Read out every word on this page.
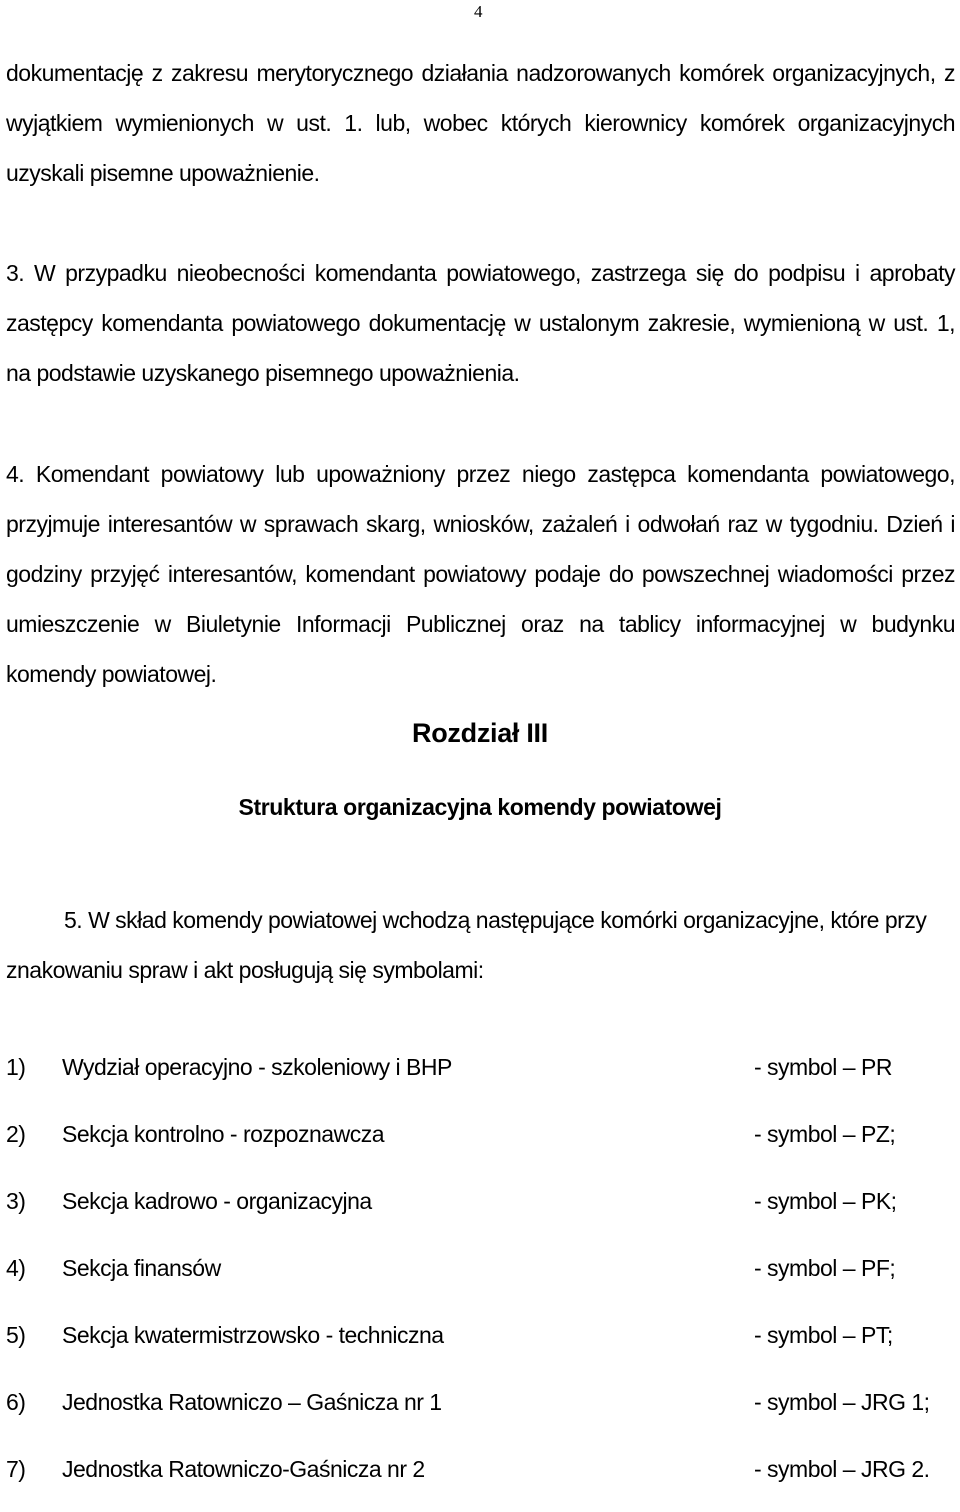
4

dokumentację z zakresu merytorycznego działania nadzorowanych komórek organizacyjnych, z wyjątkiem wymienionych w ust. 1. lub, wobec których kierownicy komórek organizacyjnych uzyskali pisemne upoważnienie.

3. W przypadku nieobecności komendanta powiatowego, zastrzega się do podpisu i aprobaty zastępcy komendanta powiatowego dokumentację w ustalonym zakresie, wymienioną w ust. 1, na podstawie uzyskanego pisemnego upoważnienia.

4. Komendant powiatowy lub upoważniony przez niego zastępca komendanta powiatowego, przyjmuje interesantów w sprawach skarg, wniosków, zażaleń i odwołań raz w tygodniu. Dzień i godziny przyjęć interesantów, komendant powiatowy podaje do powszechnej wiadomości przez umieszczenie w Biuletynie Informacji Publicznej oraz na tablicy informacyjnej w budynku komendy powiatowej.

Rozdział III
Struktura organizacyjna komendy powiatowej

5. W skład komendy powiatowej wchodzą następujące komórki organizacyjne, które przy znakowaniu spraw i akt posługują się symbolami:

1) Wydział operacyjno - szkoleniowy i BHP	- symbol – PR
2) Sekcja kontrolno - rozpoznawcza	- symbol – PZ;
3) Sekcja kadrowo - organizacyjna	- symbol – PK;
4) Sekcja finansów	- symbol – PF;
5) Sekcja kwatermistrzowsko - techniczna	- symbol – PT;
6) Jednostka Ratowniczo – Gaśnicza nr 1	- symbol – JRG 1;
7) Jednostka Ratowniczo-Gaśnicza nr 2	- symbol – JRG 2.
